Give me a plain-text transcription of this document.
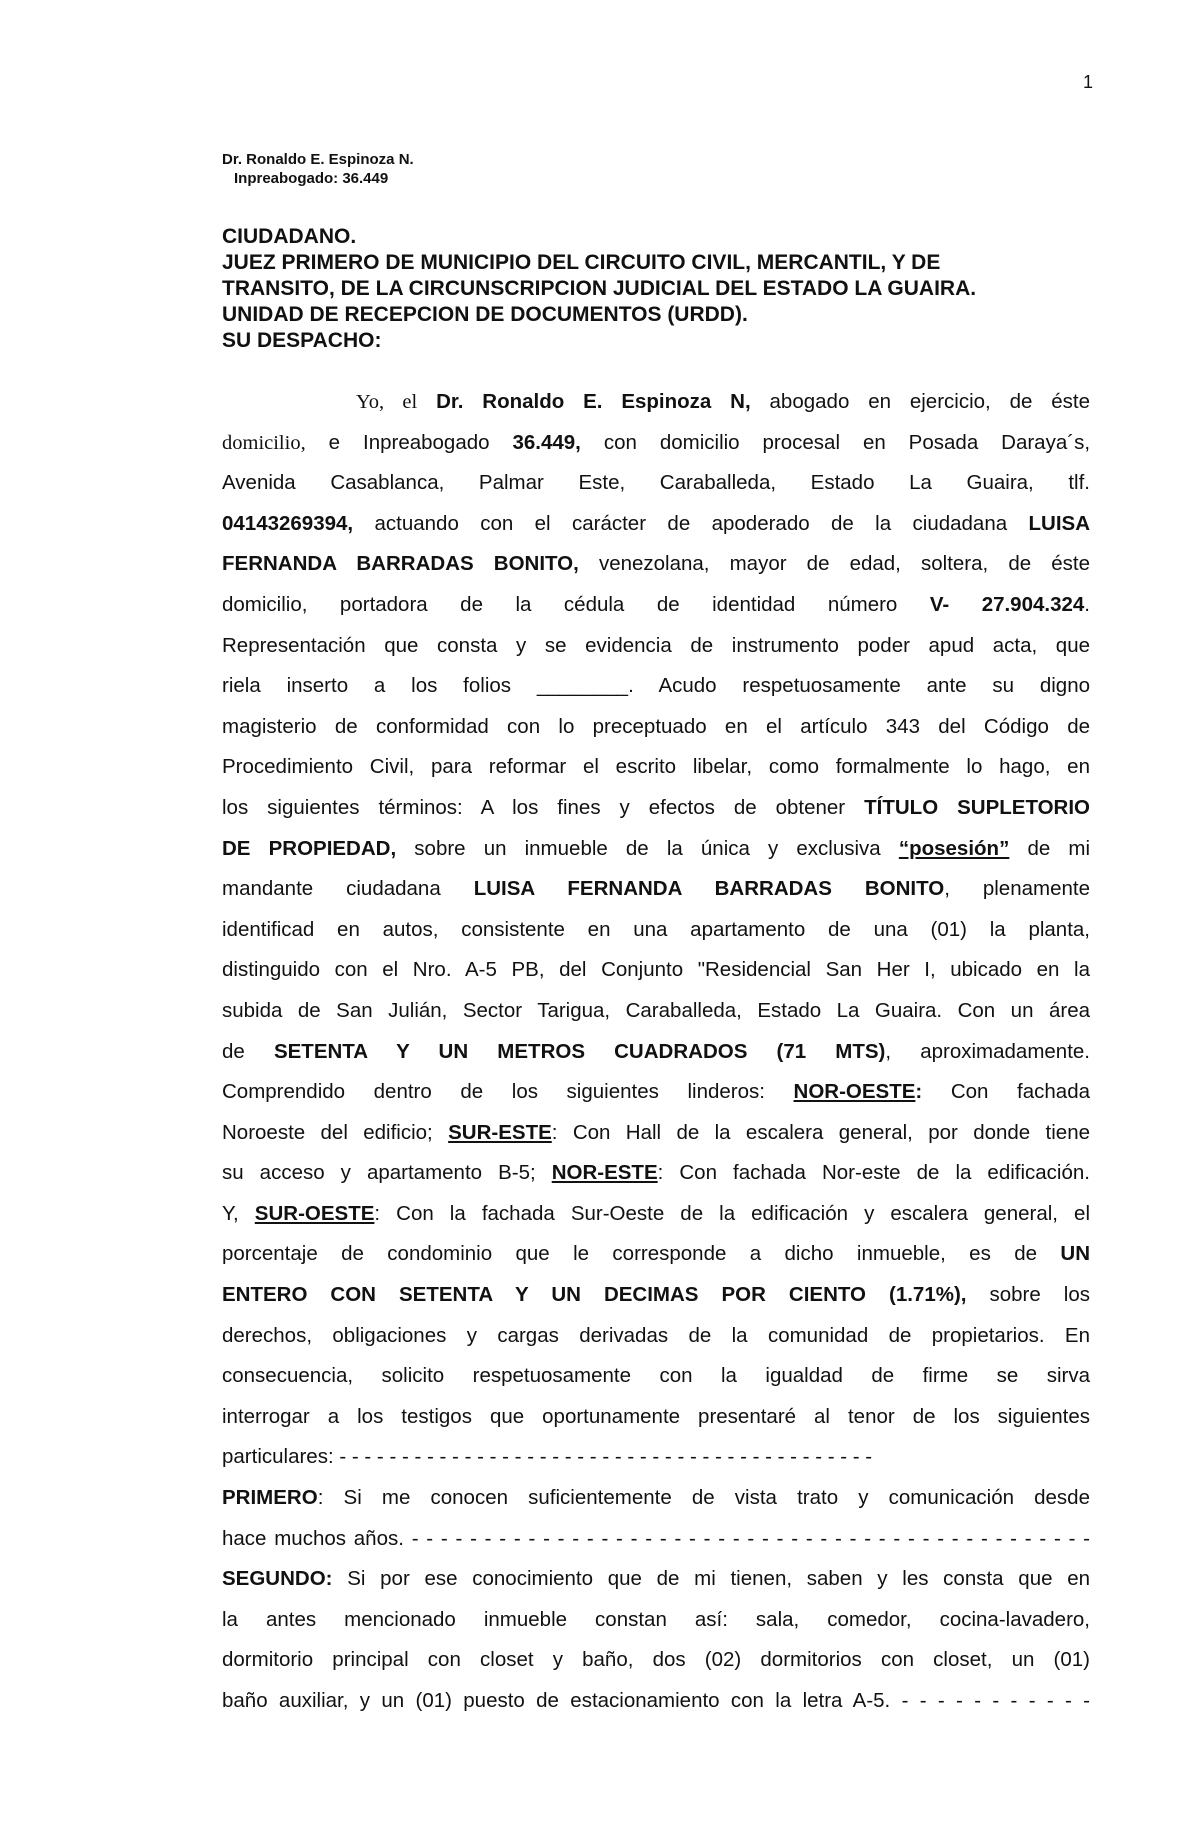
1
Dr. Ronaldo E. Espinoza N.
Inpreabogado: 36.449
CIUDADANO.
JUEZ PRIMERO DE MUNICIPIO DEL CIRCUITO CIVIL, MERCANTIL, Y DE
TRANSITO, DE LA CIRCUNSCRIPCION JUDICIAL DEL ESTADO LA GUAIRA.
UNIDAD DE RECEPCION DE DOCUMENTOS (URDD).
SU DESPACHO:

Yo, el Dr. Ronaldo E. Espinoza N, abogado en ejercicio, de éste

domicilio, e Inpreabogado 36.449, con domicilio procesal en Posada Daraya´s,

Avenida Casablanca, Palmar Este, Caraballeda, Estado La Guaira, tlf.

04143269394, actuando con el carácter de apoderado de la ciudadana LUISA

FERNANDA BARRADAS BONITO, venezolana, mayor de edad, soltera, de éste

domicilio, portadora de la cédula de identidad número V- 27.904.324.

Representación que consta y se evidencia de instrumento poder apud acta, que

riela inserto a los folios ________. Acudo respetuosamente ante su digno

magisterio de conformidad con lo preceptuado en el artículo 343 del Código de

Procedimiento Civil, para reformar el escrito libelar, como formalmente lo hago, en

los siguientes términos: A los fines y efectos de obtener TÍTULO SUPLETORIO

DE PROPIEDAD, sobre un inmueble de la única y exclusiva “posesión” de mi

mandante ciudadana LUISA FERNANDA BARRADAS BONITO, plenamente

identificad en autos, consistente en una apartamento de una (01) la planta,

distinguido con el Nro. A-5 PB, del Conjunto "Residencial San Her I, ubicado en la

subida de San Julián, Sector Tarigua, Caraballeda, Estado La Guaira. Con un área

de SETENTA Y UN METROS CUADRADOS (71 MTS), aproximadamente.

Comprendido dentro de los siguientes linderos: NOR-OESTE: Con fachada

Noroeste del edificio; SUR-ESTE: Con Hall de la escalera general, por donde tiene

su acceso y apartamento B-5; NOR-ESTE: Con fachada Nor-este de la edificación.

Y, SUR-OESTE: Con la fachada Sur-Oeste de la edificación y escalera general, el

porcentaje de condominio que le corresponde a dicho inmueble, es de UN

ENTERO CON SETENTA Y UN DECIMAS POR CIENTO (1.71%), sobre los

derechos, obligaciones y cargas derivadas de la comunidad de propietarios. En

consecuencia, solicito respetuosamente con la igualdad de firme se sirva

interrogar a los testigos que oportunamente presentaré al tenor de los siguientes

particulares: - - - - - - - - - - - - - - - - - - - - - - - - - - - - - - - - - - - - - - - - - - -

PRIMERO: Si me conocen suficientemente de vista trato y comunicación desde

hace muchos años. - - - - - - - - - - - - - - - - - - - - - - - - - - - - - - - - - - - - - - - - - - - - - - -

SEGUNDO: Si por ese conocimiento que de mi tienen, saben y les consta que en

la antes mencionado inmueble constan así: sala, comedor, cocina-lavadero,

dormitorio principal con closet y baño, dos (02) dormitorios con closet, un (01)

baño auxiliar, y un (01) puesto de estacionamiento con la letra A-5. - - - - - - - - - - -
